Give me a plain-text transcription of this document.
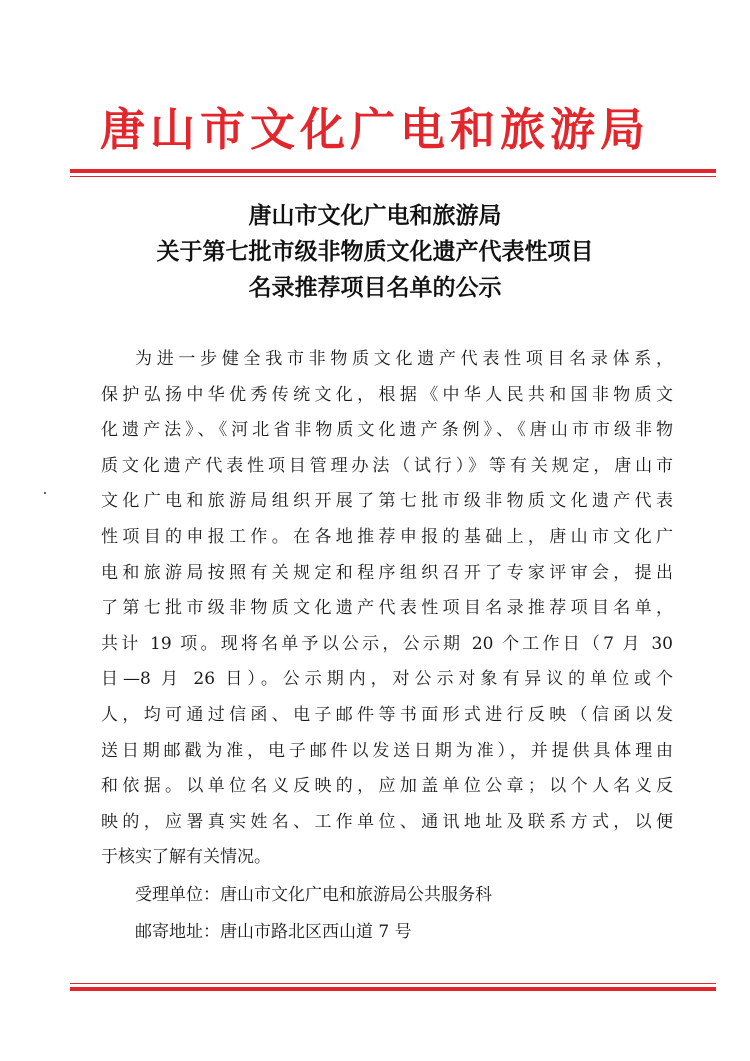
唐山市文化广电和旅游局
唐山市文化广电和旅游局
关于第七批市级非物质文化遗产代表性项目
名录推荐项目名单的公示
为进一步健全我市非物质文化遗产代表性项目名录体系，
保护弘扬中华优秀传统文化，根据《中华人民共和国非物质文
化遗产法》、《河北省非物质文化遗产条例》、《唐山市市级非物
质文化遗产代表性项目管理办法（试行）》等有关规定，唐山市
文化广电和旅游局组织开展了第七批市级非物质文化遗产代表
性项目的申报工作。在各地推荐申报的基础上，唐山市文化广
电和旅游局按照有关规定和程序组织召开了专家评审会，提出
了第七批市级非物质文化遗产代表性项目名录推荐项目名单，
共计 19 项。现将名单予以公示，公示期 20 个工作日（7 月 30
日—8 月 26 日）。公示期内，对公示对象有异议的单位或个
人，均可通过信函、电子邮件等书面形式进行反映（信函以发
送日期邮戳为准，电子邮件以发送日期为准），并提供具体理由
和依据。以单位名义反映的，应加盖单位公章；以个人名义反
映的，应署真实姓名、工作单位、通讯地址及联系方式，以便
于核实了解有关情况。
受理单位：唐山市文化广电和旅游局公共服务科
邮寄地址：唐山市路北区西山道 7 号
